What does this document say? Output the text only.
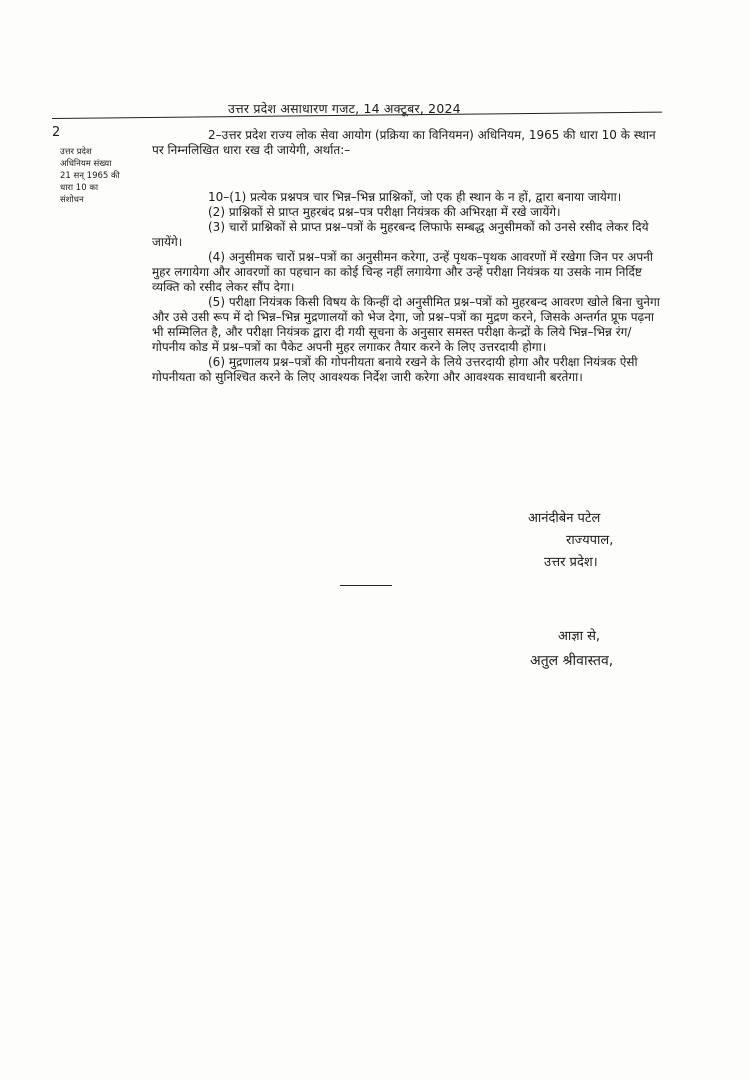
उत्तर प्रदेश असाधारण गजट, 14 अक्टूबर, 2024
2
उत्तर प्रदेश
अधिनियम संख्या
21 सन् 1965 की
धारा 10 का
संशोधन

2–उत्तर प्रदेश राज्य लोक सेवा आयोग (प्रक्रिया का विनियमन) अधिनियम, 1965 की धारा 10 के स्थान पर निम्नलिखित धारा रख दी जायेगी, अर्थात:–

10–(1) प्रत्येक प्रश्नपत्र चार भिन्न–भिन्न प्राश्निकों, जो एक ही स्थान के न हों, द्वारा बनाया जायेगा।

(2) प्राश्निकों से प्राप्त मुहरबंद प्रश्न–पत्र परीक्षा नियंत्रक की अभिरक्षा में रखे जायेंगे।

(3) चारों प्राश्निकों से प्राप्त प्रश्न–पत्रों के मुहरबन्द लिफाफे सम्बद्ध अनुसीमकों को उनसे रसीद लेकर दिये जायेंगे।

(4) अनुसीमक चारों प्रश्न–पत्रों का अनुसीमन करेगा, उन्हें पृथक–पृथक आवरणों में रखेगा जिन पर अपनी मुहर लगायेगा और आवरणों का पहचान का कोई चिन्ह नहीं लगायेगा और उन्हें परीक्षा नियंत्रक या उसके नाम निर्दिष्ट व्यक्ति को रसीद लेकर सौंप देगा।

(5) परीक्षा नियंत्रक किसी विषय के किन्हीं दो अनुसीमित प्रश्न–पत्रों को मुहरबन्द आवरण खोले बिना चुनेगा और उसे उसी रूप में दो भिन्न–भिन्न मुद्रणालयों को भेज देगा, जो प्रश्न–पत्रों का मुद्रण करने, जिसके अन्तर्गत प्रूफ पढ़ना भी सम्मिलित है, और परीक्षा नियंत्रक द्वारा दी गयी सूचना के अनुसार समस्त परीक्षा केन्द्रों के लिये भिन्न–भिन्न रंग/गोपनीय कोड में प्रश्न–पत्रों का पैकेट अपनी मुहर लगाकर तैयार करने के लिए उत्तरदायी होगा।

(6) मुद्रणालय प्रश्न–पत्रों की गोपनीयता बनाये रखने के लिये उत्तरदायी होगा और परीक्षा नियंत्रक ऐसी गोपनीयता को सुनिश्चित करने के लिए आवश्यक निर्देश जारी करेगा और आवश्यक सावधानी बरतेगा।

आनंदीबेन पटेल
राज्यपाल,
उत्तर प्रदेश।
आज्ञा से,
अतुल श्रीवास्तव,
